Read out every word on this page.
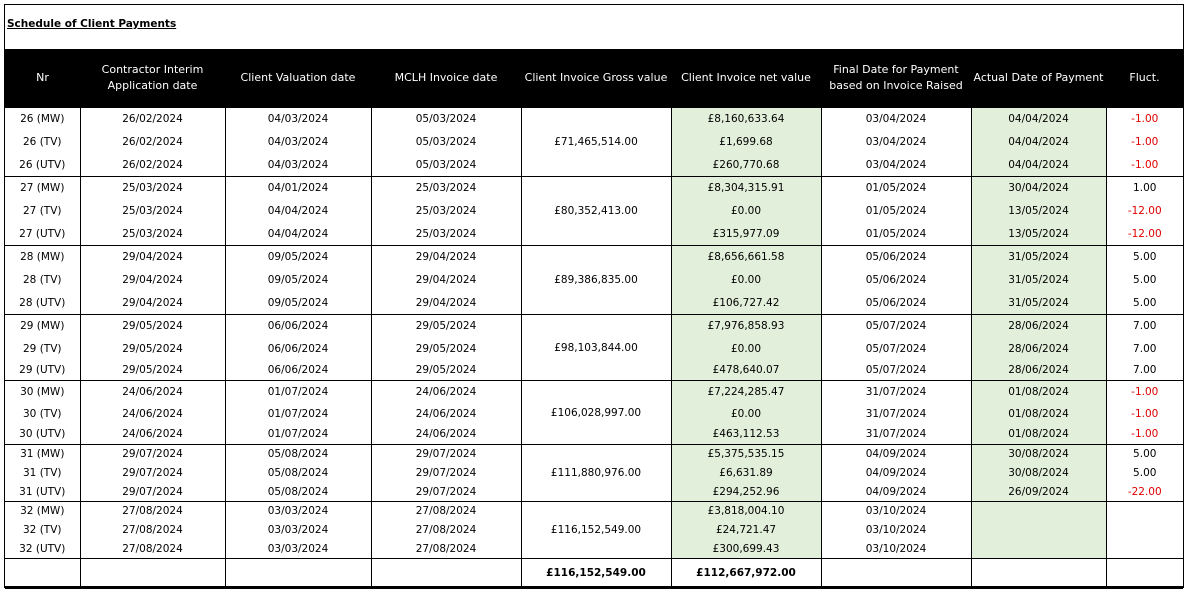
Schedule of Client Payments
Nr	Contractor Interim Application date	Client Valuation date	MCLH Invoice date	Client Invoice Gross value	Client Invoice net value	Final Date for Payment based on Invoice Raised	Actual Date of Payment	Fluct.
26 (MW)	26/02/2024	04/03/2024	05/03/2024	£71,465,514.00	£8,160,633.64	03/04/2024	04/04/2024	-1.00
26 (TV)	26/02/2024	04/03/2024	05/03/2024		£1,699.68	03/04/2024	04/04/2024	-1.00
26 (UTV)	26/02/2024	04/03/2024	05/03/2024		£260,770.68	03/04/2024	04/04/2024	-1.00
27 (MW)	25/03/2024	04/01/2024	25/03/2024	£80,352,413.00	£8,304,315.91	01/05/2024	30/04/2024	1.00
27 (TV)	25/03/2024	04/04/2024	25/03/2024		£0.00	01/05/2024	13/05/2024	-12.00
27 (UTV)	25/03/2024	04/04/2024	25/03/2024		£315,977.09	01/05/2024	13/05/2024	-12.00
28 (MW)	29/04/2024	09/05/2024	29/04/2024	£89,386,835.00	£8,656,661.58	05/06/2024	31/05/2024	5.00
28 (TV)	29/04/2024	09/05/2024	29/04/2024		£0.00	05/06/2024	31/05/2024	5.00
28 (UTV)	29/04/2024	09/05/2024	29/04/2024		£106,727.42	05/06/2024	31/05/2024	5.00
29 (MW)	29/05/2024	06/06/2024	29/05/2024	£98,103,844.00	£7,976,858.93	05/07/2024	28/06/2024	7.00
29 (TV)	29/05/2024	06/06/2024	29/05/2024		£0.00	05/07/2024	28/06/2024	7.00
29 (UTV)	29/05/2024	06/06/2024	29/05/2024		£478,640.07	05/07/2024	28/06/2024	7.00
30 (MW)	24/06/2024	01/07/2024	24/06/2024	£106,028,997.00	£7,224,285.47	31/07/2024	01/08/2024	-1.00
30 (TV)	24/06/2024	01/07/2024	24/06/2024		£0.00	31/07/2024	01/08/2024	-1.00
30 (UTV)	24/06/2024	01/07/2024	24/06/2024		£463,112.53	31/07/2024	01/08/2024	-1.00
31 (MW)	29/07/2024	05/08/2024	29/07/2024	£111,880,976.00	£5,375,535.15	04/09/2024	30/08/2024	5.00
31 (TV)	29/07/2024	05/08/2024	29/07/2024		£6,631.89	04/09/2024	30/08/2024	5.00
31 (UTV)	29/07/2024	05/08/2024	29/07/2024		£294,252.96	04/09/2024	26/09/2024	-22.00
32 (MW)	27/08/2024	03/03/2024	27/08/2024	£116,152,549.00	£3,818,004.10	03/10/2024		
32 (TV)	27/08/2024	03/03/2024	27/08/2024		£24,721.47	03/10/2024		
32 (UTV)	27/08/2024	03/03/2024	27/08/2024		£300,699.43	03/10/2024		
				£116,152,549.00	£112,667,972.00			
